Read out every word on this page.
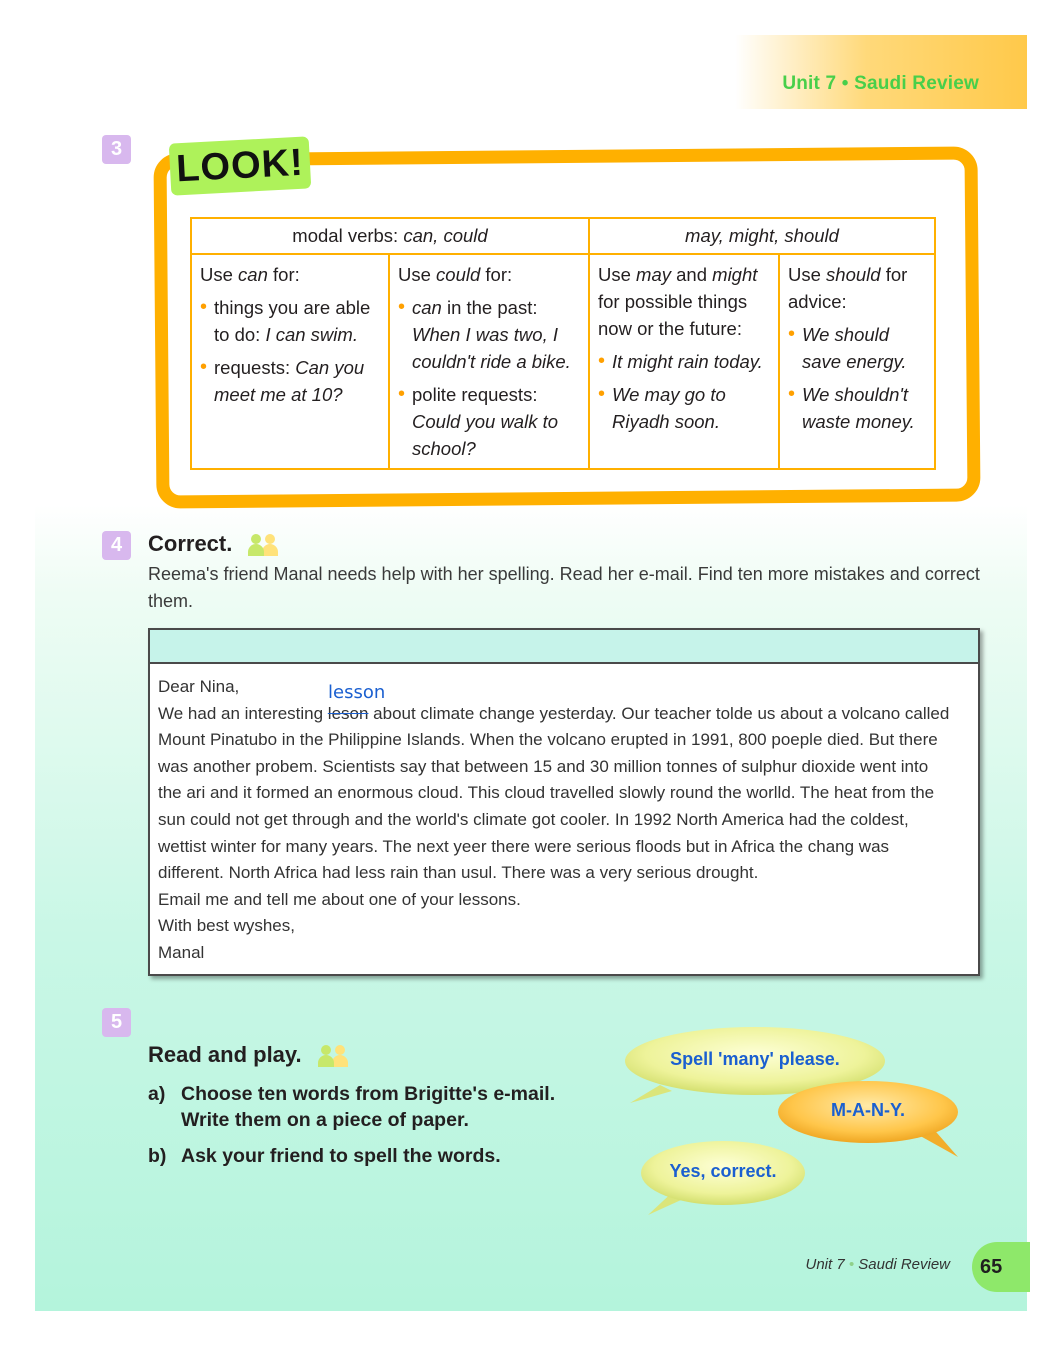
Unit 7 • Saudi Review
3 LOOK!
modal verbs: can, could		may, might, should	
Use can for:
• things you are able to do: I can swim.
• requests: Can you meet me at 10?	Use could for:
• can in the past: When I was two, I couldn't ride a bike.
• polite requests: Could you walk to school?	Use may and might for possible things now or the future:
• It might rain today.
• We may go to Riyadh soon.	Use should for advice:
• We should save energy.
• We shouldn't waste money.
4	Correct.
Reema's friend Manal needs help with her spelling. Read her e-mail. Find ten more mistakes and correct them.
lesson

Dear Nina,

We had an interesting leson about climate change yesterday. Our teacher tolde us about a volcano called

Mount Pinatubo in the Philippine Islands. When the volcano erupted in 1991, 800 poeple died. But there

was another probem. Scientists say that between 15 and 30 million tonnes of sulphur dioxide went into

the ari and it formed an enormous cloud. This cloud travelled slowly round the worlld. The heat from the

sun could not get through and the world's climate got cooler. In 1992 North America had the coldest,

wettist winter for many years. The next yeer there were serious floods but in Africa the chang was

different. North Africa had less rain than usul. There was a very serious drought.

Email me and tell me about one of your lessons.

With best wyshes,

Manal

5
Read and play.
a) Choose ten words from Brigitte's e-mail.
Write them on a piece of paper.
b) Ask your friend to spell the words.
Spell 'many' please.
M-A-N-Y.
Yes, correct.
Unit 7 • Saudi Review	65
